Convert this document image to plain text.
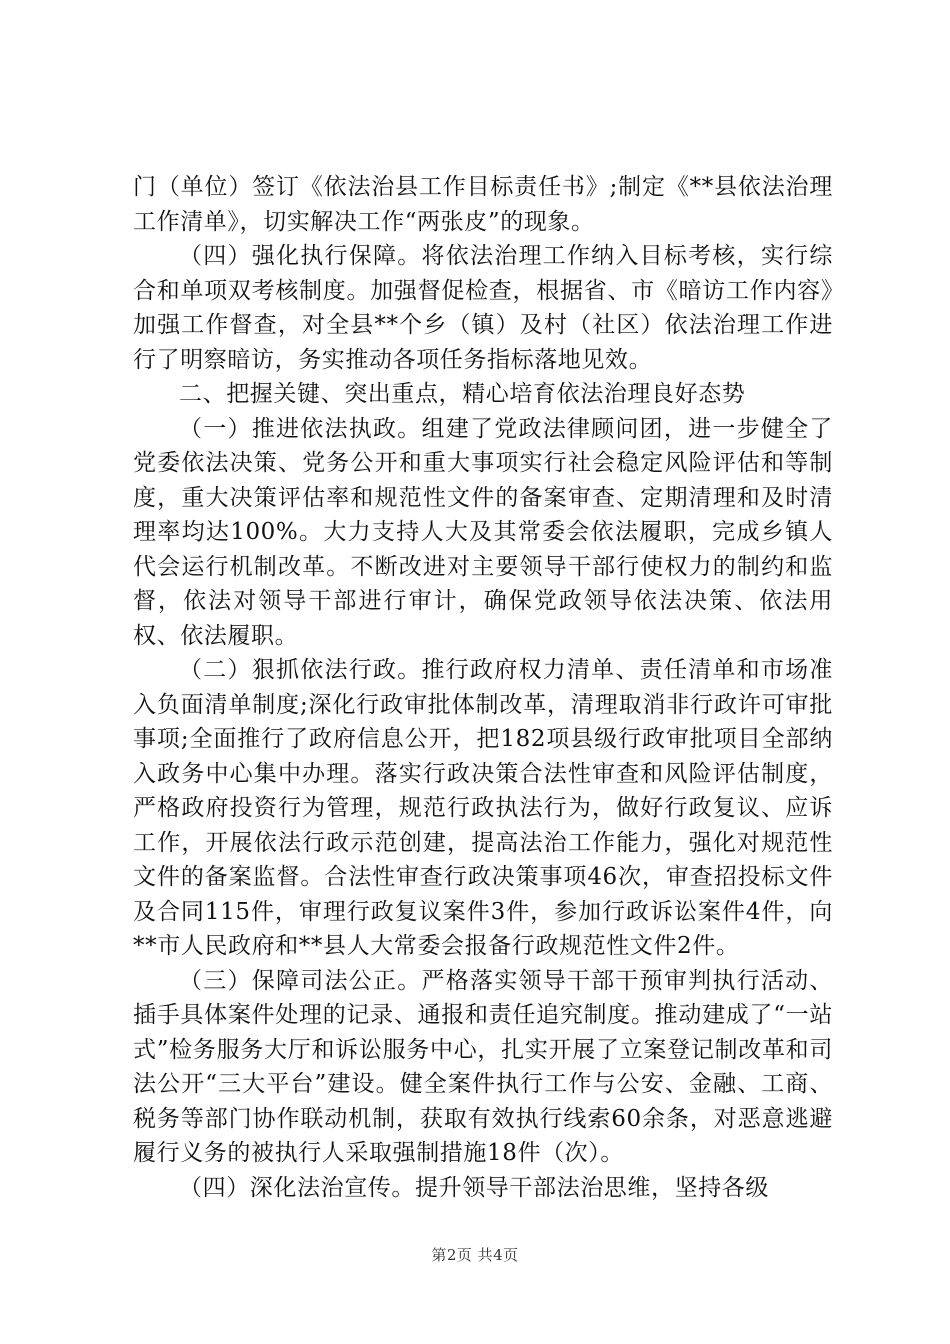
门（单位）签订《依法治县工作目标责任书》;制定《**县依法治理工作清单》，切实解决工作“两张皮”的现象。

（四）强化执行保障。将依法治理工作纳入目标考核，实行综合和单项双考核制度。加强督促检查，根据省、市《暗访工作内容》加强工作督查，对全县**个乡（镇）及村（社区）依法治理工作进行了明察暗访，务实推动各项任务指标落地见效。

二、把握关键、突出重点，精心培育依法治理良好态势

（一）推进依法执政。组建了党政法律顾问团，进一步健全了党委依法决策、党务公开和重大事项实行社会稳定风险评估和等制度，重大决策评估率和规范性文件的备案审查、定期清理和及时清理率均达100%。大力支持人大及其常委会依法履职，完成乡镇人代会运行机制改革。不断改进对主要领导干部行使权力的制约和监督，依法对领导干部进行审计，确保党政领导依法决策、依法用权、依法履职。

（二）狠抓依法行政。推行政府权力清单、责任清单和市场准入负面清单制度;深化行政审批体制改革，清理取消非行政许可审批事项;全面推行了政府信息公开，把182项县级行政审批项目全部纳入政务中心集中办理。落实行政决策合法性审查和风险评估制度，严格政府投资行为管理，规范行政执法行为，做好行政复议、应诉工作，开展依法行政示范创建，提高法治工作能力，强化对规范性文件的备案监督。合法性审查行政决策事项46次，审查招投标文件及合同115件，审理行政复议案件3件，参加行政诉讼案件4件，向**市人民政府和**县人大常委会报备行政规范性文件2件。

（三）保障司法公正。严格落实领导干部干预审判执行活动、插手具体案件处理的记录、通报和责任追究制度。推动建成了“一站式”检务服务大厅和诉讼服务中心，扎实开展了立案登记制改革和司法公开“三大平台”建设。健全案件执行工作与公安、金融、工商、税务等部门协作联动机制，获取有效执行线索60余条，对恶意逃避履行义务的被执行人采取强制措施18件（次）。

（四）深化法治宣传。提升领导干部法治思维，坚持各级

第2页 共4页
